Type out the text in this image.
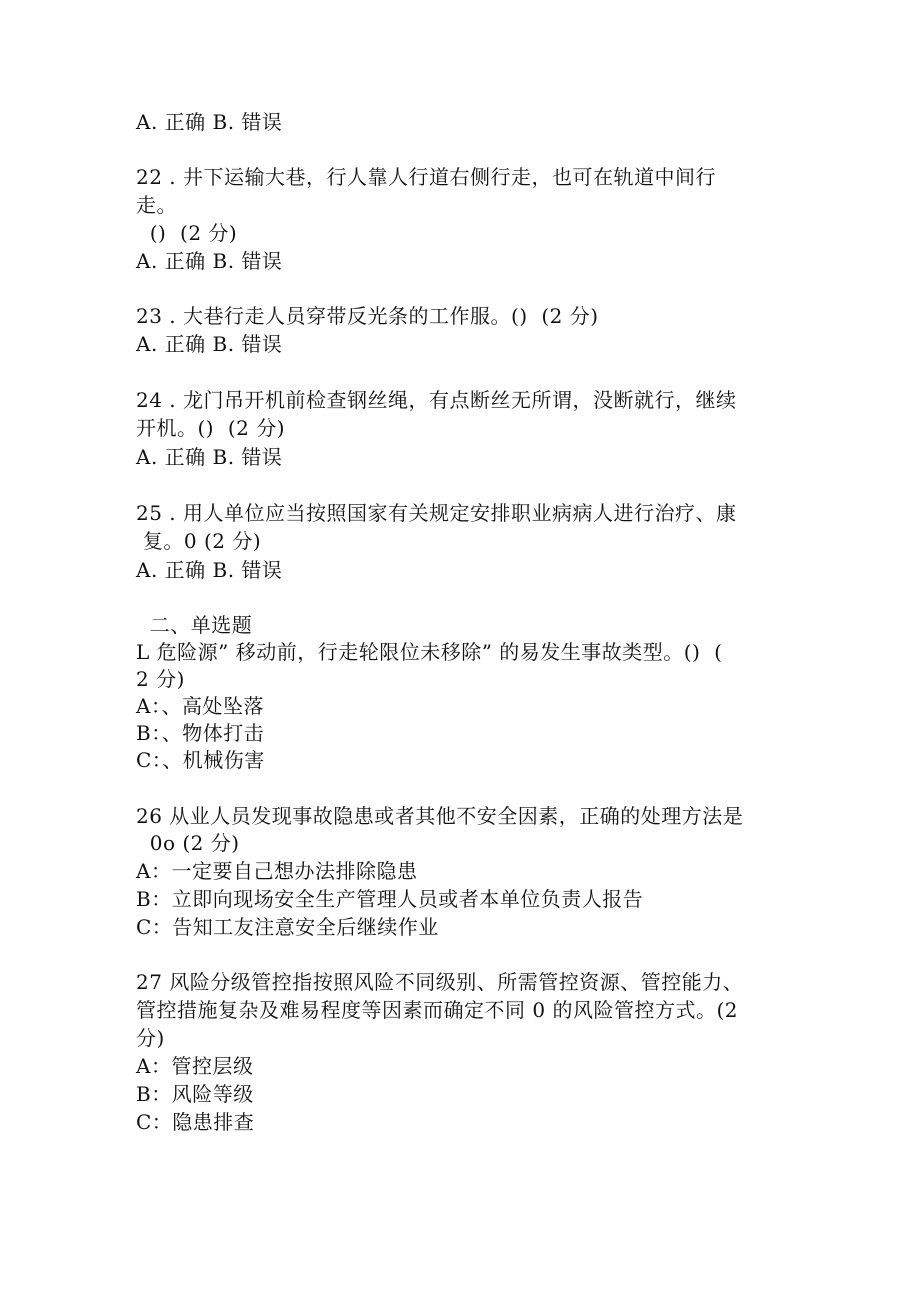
A. 正确 B. 错误
22 . 井下运输大巷，行人靠人行道右侧行走，也可在轨道中间行
走。
()  (2 分)
A. 正确 B. 错误
23 . 大巷行走人员穿带反光条的工作服。()  (2 分)
A. 正确 B. 错误
24 . 龙门吊开机前检查钢丝绳，有点断丝无所谓，没断就行，继续
开机。()  (2 分)
A. 正确 B. 错误
25 . 用人单位应当按照国家有关规定安排职业病病人进行治疗、康
复。0 (2 分)
A. 正确 B. 错误
二、单选题
L 危险源” 移动前，行走轮限位未移除” 的易发生事故类型。()  (
2 分)
A：、高处坠落
B：、物体打击
C：、机械伤害
26 从业人员发现事故隐患或者其他不安全因素，正确的处理方法是
0o (2 分)
A：一定要自己想办法排除隐患
B：立即向现场安全生产管理人员或者本单位负责人报告
C：告知工友注意安全后继续作业
27 风险分级管控指按照风险不同级别、所需管控资源、管控能力、
管控措施复杂及难易程度等因素而确定不同 0 的风险管控方式。(2
分)
A：管控层级
B：风险等级
C：隐患排查
